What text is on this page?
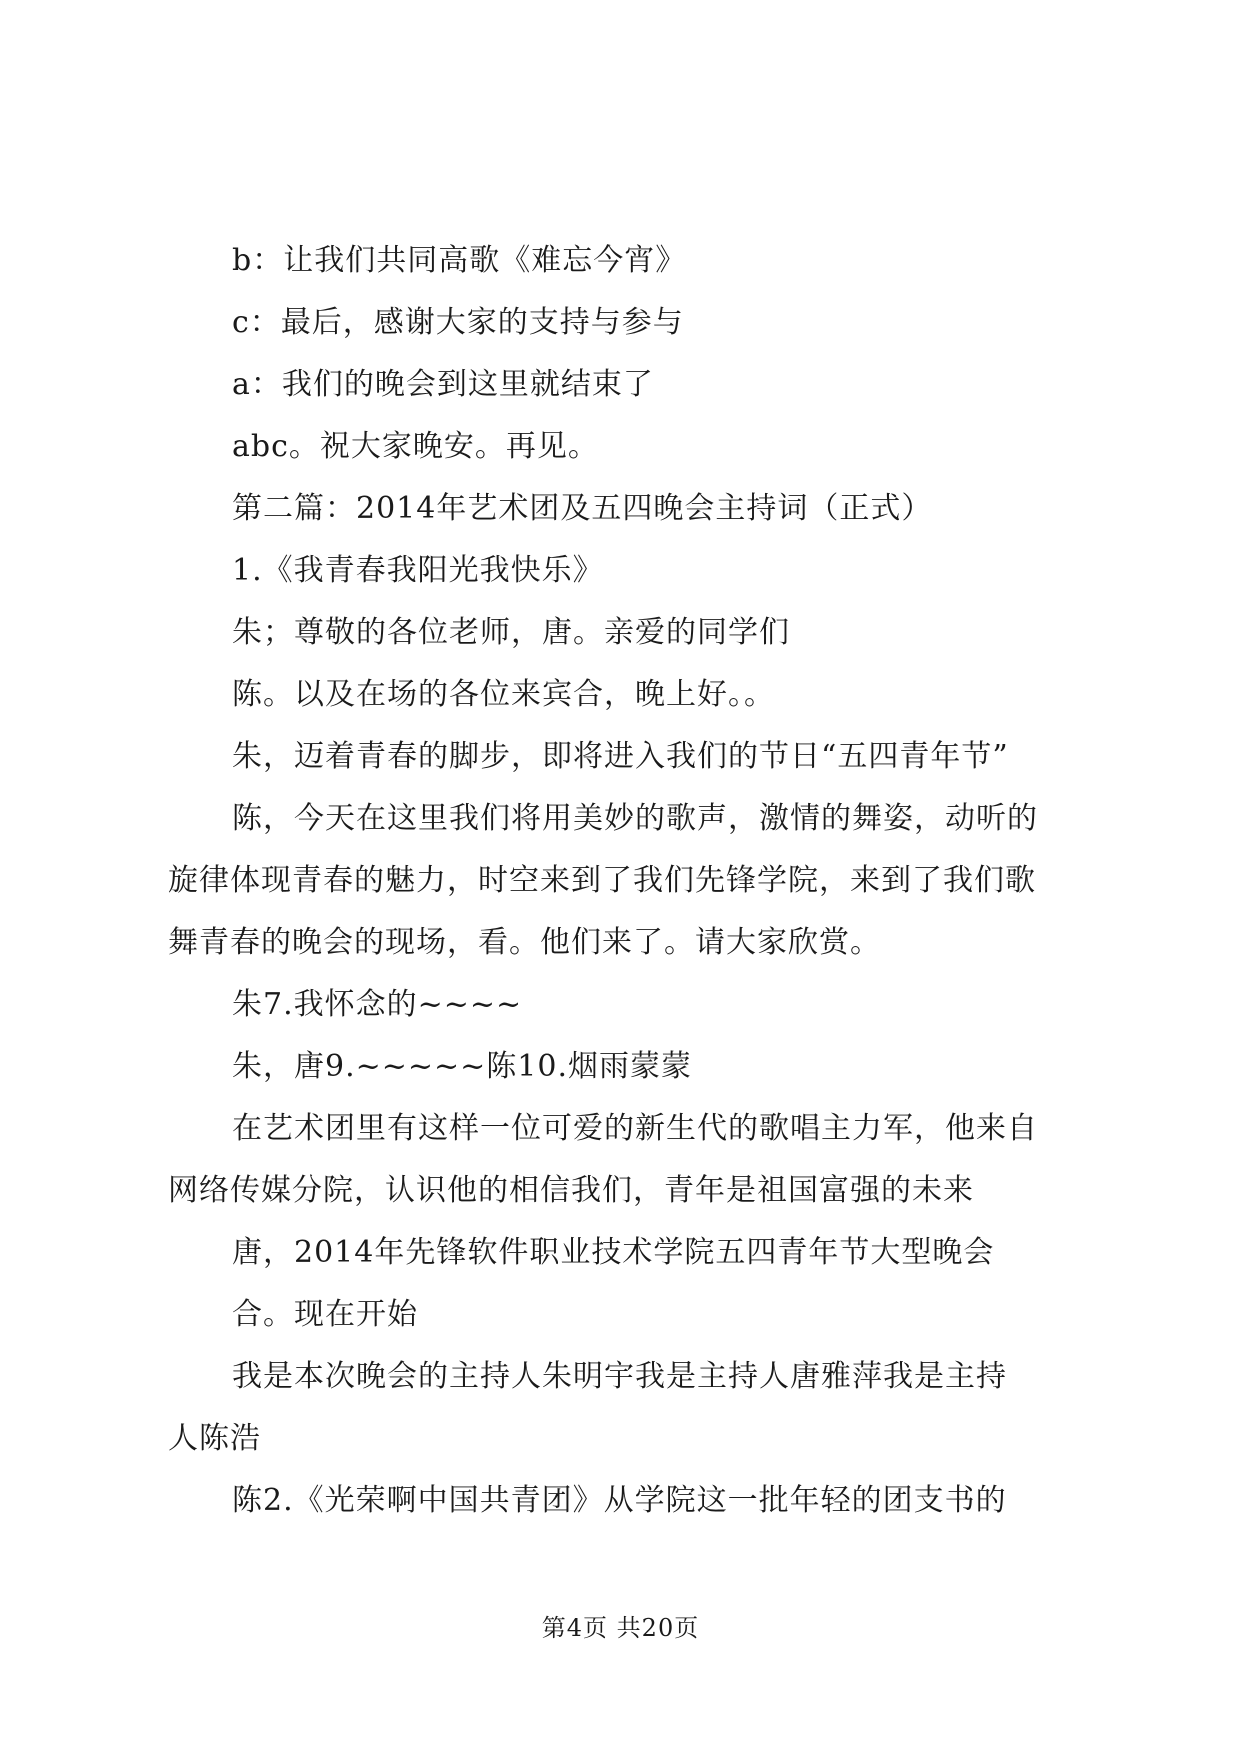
b：让我们共同高歌《难忘今宵》
c：最后，感谢大家的支持与参与
a：我们的晚会到这里就结束了
abc。祝大家晚安。再见。
第二篇：2014年艺术团及五四晚会主持词（正式）
1.《我青春我阳光我快乐》
朱；尊敬的各位老师，唐。亲爱的同学们
陈。以及在场的各位来宾合，晚上好。。
朱，迈着青春的脚步，即将进入我们的节日“五四青年节”
陈，今天在这里我们将用美妙的歌声，激情的舞姿，动听的
旋律体现青春的魅力，时空来到了我们先锋学院，来到了我们歌
舞青春的晚会的现场，看。他们来了。请大家欣赏。
朱7.我怀念的~~~~
朱，唐9.~~~~~陈10.烟雨蒙蒙
在艺术团里有这样一位可爱的新生代的歌唱主力军，他来自
网络传媒分院，认识他的相信我们，青年是祖国富强的未来
唐，2014年先锋软件职业技术学院五四青年节大型晚会
合。现在开始
我是本次晚会的主持人朱明宇我是主持人唐雅萍我是主持
人陈浩
陈2.《光荣啊中国共青团》从学院这一批年轻的团支书的
第4页 共20页
